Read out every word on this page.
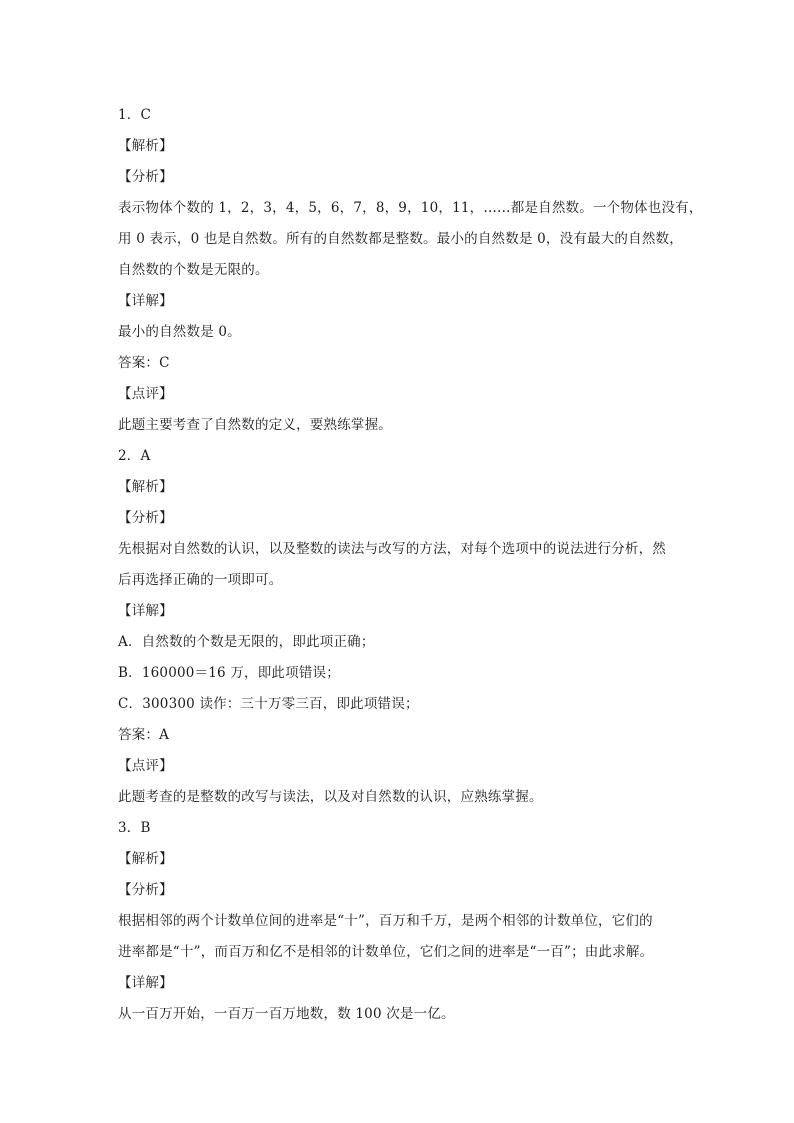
1．C
【解析】
【分析】
表示物体个数的 1，2，3，4，5，6，7，8，9，10，11，……都是自然数。一个物体也没有，
用 0 表示，0 也是自然数。所有的自然数都是整数。最小的自然数是 0，没有最大的自然数，
自然数的个数是无限的。
【详解】
最小的自然数是 0。
答案：C
【点评】
此题主要考查了自然数的定义，要熟练掌握。
2．A
【解析】
【分析】
先根据对自然数的认识，以及整数的读法与改写的方法，对每个选项中的说法进行分析，然
后再选择正确的一项即可。
【详解】
A．自然数的个数是无限的，即此项正确；
B．160000＝16 万，即此项错误；
C．300300 读作：三十万零三百，即此项错误；
答案：A
【点评】
此题考查的是整数的改写与读法，以及对自然数的认识，应熟练掌握。
3．B
【解析】
【分析】
根据相邻的两个计数单位间的进率是“十”，百万和千万，是两个相邻的计数单位，它们的
进率都是“十”，而百万和亿不是相邻的计数单位，它们之间的进率是“一百”；由此求解。
【详解】
从一百万开始，一百万一百万地数，数 100 次是一亿。
